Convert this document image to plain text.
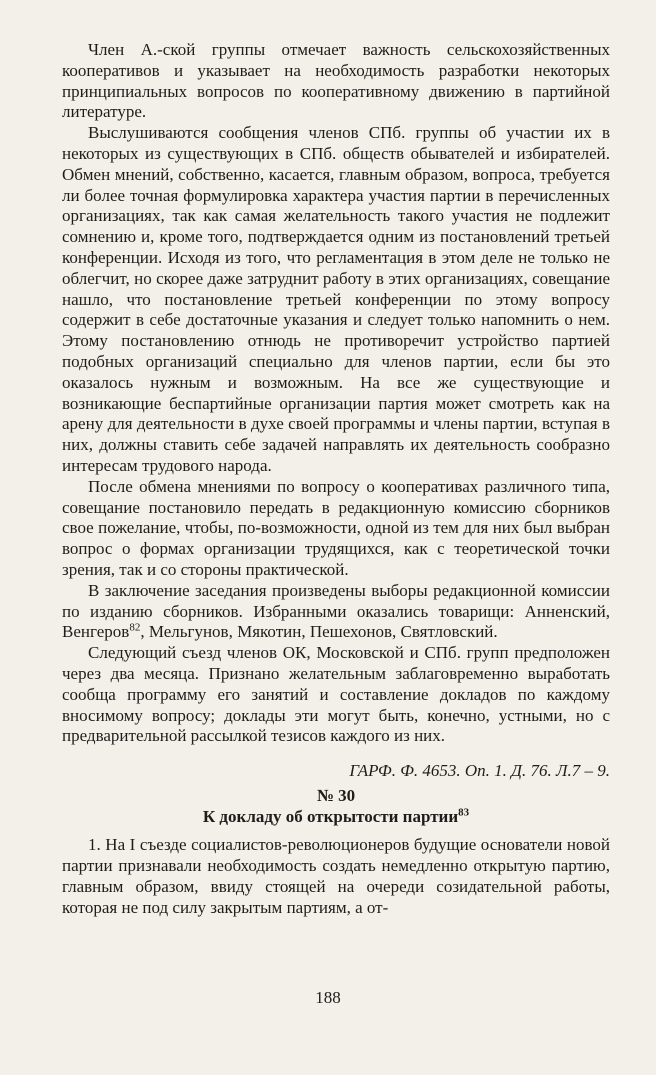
Член А.-ской группы отмечает важность сельскохозяйственных кооперативов и указывает на необходимость разработки некоторых принципиальных вопросов по кооперативному движению в партийной литературе.

Выслушиваются сообщения членов СПб. группы об участии их в некоторых из существующих в СПб. обществ обывателей и избирателей. Обмен мнений, собственно, касается, главным образом, вопроса, требуется ли более точная формулировка характера участия партии в перечисленных организациях, так как самая желательность такого участия не подлежит сомнению и, кроме того, подтверждается одним из постановлений третьей конференции. Исходя из того, что регламентация в этом деле не только не облегчит, но скорее даже затруднит работу в этих организациях, совещание нашло, что постановление третьей конференции по этому вопросу содержит в себе достаточные указания и следует только напомнить о нем. Этому постановлению отнюдь не противоречит устройство партией подобных организаций специально для членов партии, если бы это оказалось нужным и возможным. На все же существующие и возникающие беспартийные организации партия может смотреть как на арену для деятельности в духе своей программы и члены партии, вступая в них, должны ставить себе задачей направлять их деятельность сообразно интересам трудового народа.

После обмена мнениями по вопросу о кооперативах различного типа, совещание постановило передать в редакционную комиссию сборников свое пожелание, чтобы, по-возможности, одной из тем для них был выбран вопрос о формах организации трудящихся, как с теоретической точки зрения, так и со стороны практической.

В заключение заседания произведены выборы редакционной комиссии по изданию сборников. Избранными оказались товарищи: Анненский, Венгеров$^{82}$, Мельгунов, Мякотин, Пешехонов, Святловский.

Следующий съезд членов ОК, Московской и СПб. групп предположен через два месяца. Признано желательным заблаговременно выработать сообща программу его занятий и составление докладов по каждому вносимому вопросу; доклады эти могут быть, конечно, устными, но с предварительной рассылкой тезисов каждого из них.

ГАРФ. Ф. 4653. Оп. 1. Д. 76. Л.7 – 9.

№ 30

К докладу об открытости партии$^{83}$

1. На I съезде социалистов-революционеров будущие основатели новой партии признавали необходимость создать немедленно открытую партию, главным образом, ввиду стоящей на очереди созидательной работы, которая не под силу закрытым партиям, а от-

188
